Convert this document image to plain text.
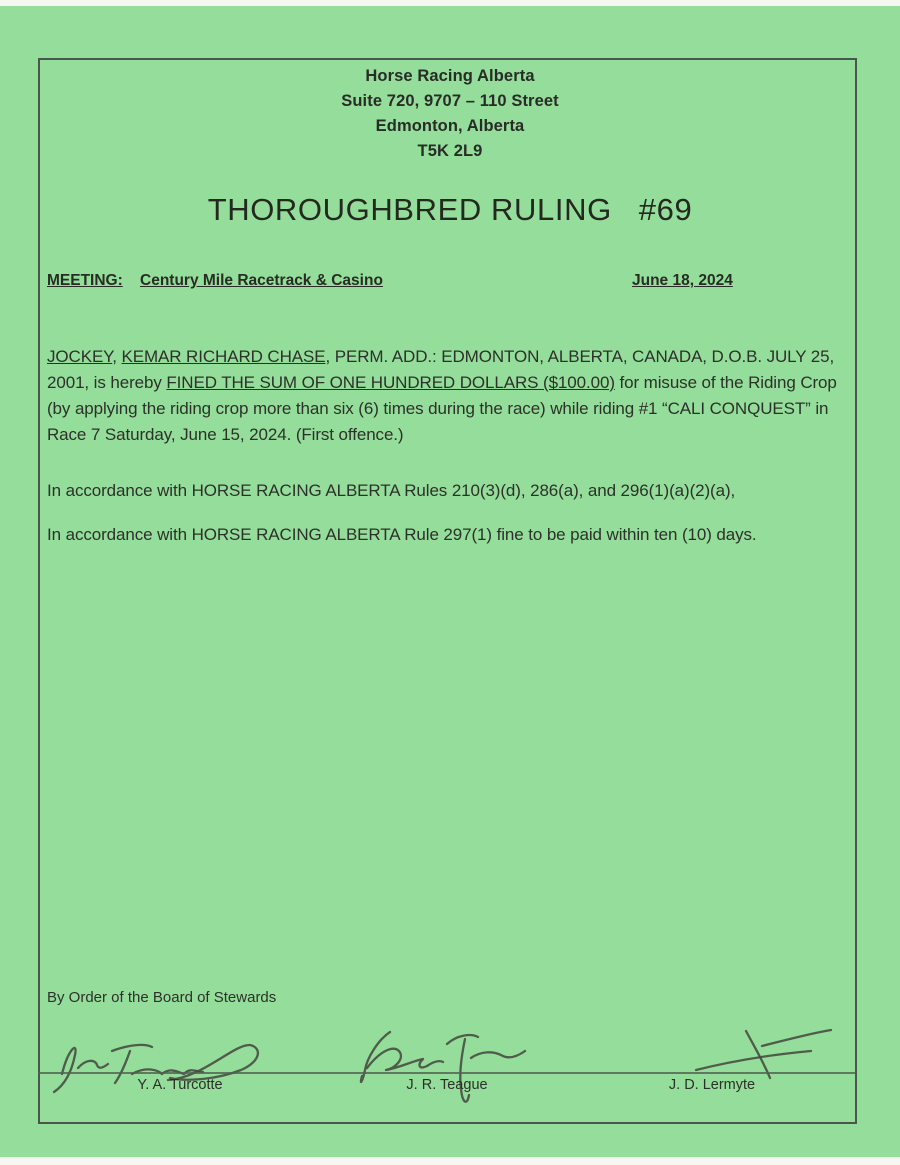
Horse Racing Alberta
Suite 720, 9707 – 110 Street
Edmonton, Alberta
T5K 2L9
THOROUGHBRED RULING #69
MEETING: Century Mile Racetrack & Casino	June 18, 2024
JOCKEY, KEMAR RICHARD CHASE, PERM. ADD.: EDMONTON, ALBERTA, CANADA, D.O.B. JULY 25, 2001, is hereby FINED THE SUM OF ONE HUNDRED DOLLARS ($100.00) for misuse of the Riding Crop (by applying the riding crop more than six (6) times during the race) while riding #1 “CALI CONQUEST” in Race 7 Saturday, June 15, 2024. (First offence.)
In accordance with HORSE RACING ALBERTA Rules 210(3)(d), 286(a), and 296(1)(a)(2)(a),
In accordance with HORSE RACING ALBERTA Rule 297(1) fine to be paid within ten (10) days.
By Order of the Board of Stewards
Y. A. Turcotte	J. R. Teague	J. D. Lermyte
